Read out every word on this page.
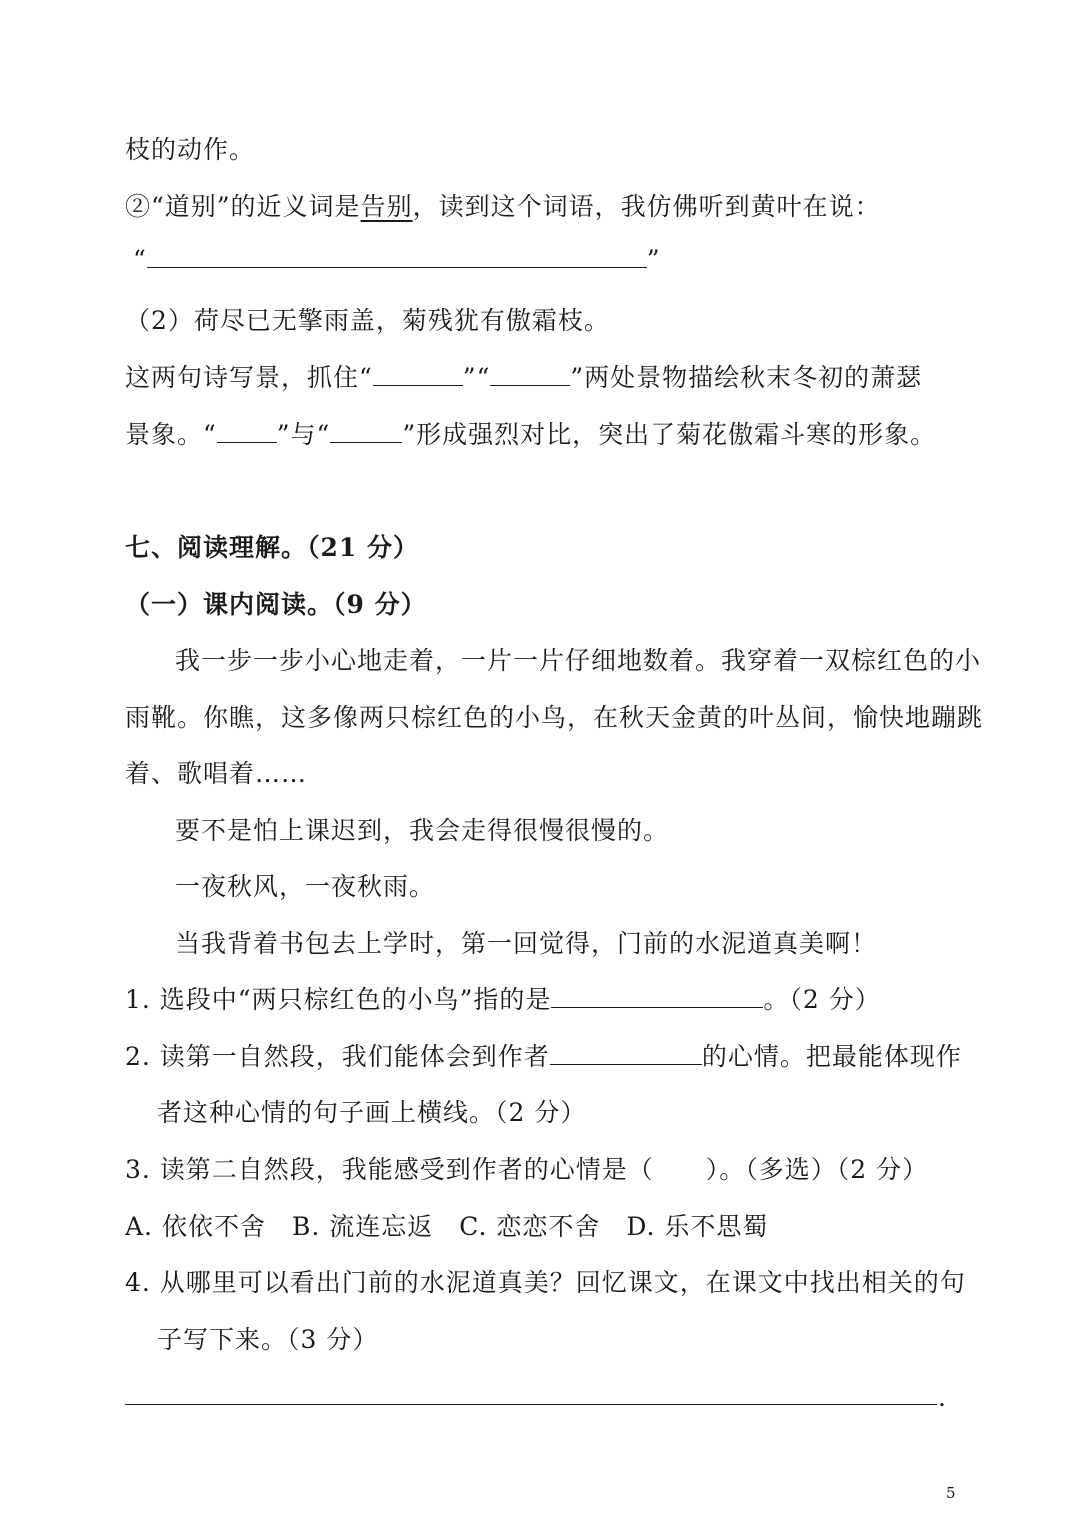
枝的动作。
②“道别”的近义词是告别，读到这个词语，我仿佛听到黄叶在说：
“	”
（2）荷尽已无擎雨盖，菊残犹有傲霜枝。
这两句诗写景，抓住“	”“	”两处景物描绘秋末冬初的萧瑟
景象。“ ”与“	”形成强烈对比，突出了菊花傲霜斗寒的形象。
七、阅读理解。（21 分）
（一）课内阅读。（9 分）
我一步一步小心地走着，一片一片仔细地数着。我穿着一双棕红色的小
雨靴。你瞧，这多像两只棕红色的小鸟，在秋天金黄的叶丛间，愉快地蹦跳
着、歌唱着……
要不是怕上课迟到，我会走得很慢很慢的。
一夜秋风，一夜秋雨。
当我背着书包去上学时，第一回觉得，门前的水泥道真美啊！
1. 选段中“两只棕红色的小鸟”指的是	。（2 分）
2. 读第一自然段，我们能体会到作者	的心情。把最能体现作
者这种心情的句子画上横线。（2 分）
3. 读第二自然段，我能感受到作者的心情是（　　）。（多选）（2 分）
A. 依依不舍　B. 流连忘返　C. 恋恋不舍　D. 乐不思蜀
4. 从哪里可以看出门前的水泥道真美？回忆课文，在课文中找出相关的句
子写下来。（3 分）
.
5
